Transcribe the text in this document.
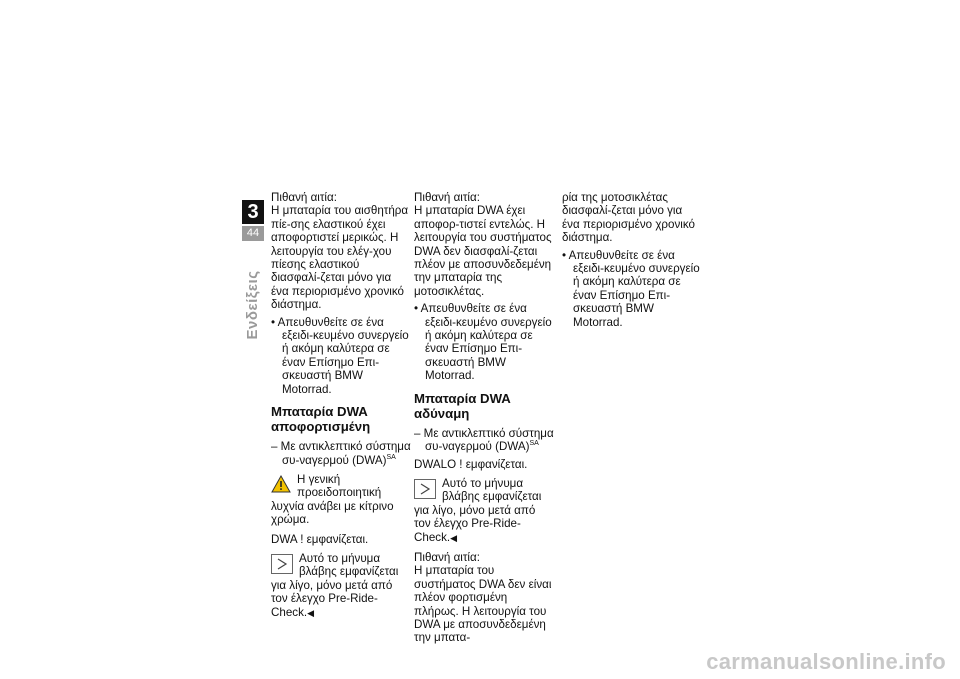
3
44
Ενδείξεις

Πιθανή αιτία:

Η μπαταρία του αισθητήρα πίε-σης ελαστικού έχει αποφορτιστεί μερικώς. Η λειτουργία του ελέγ-χου πίεσης ελαστικού διασφαλί-ζεται μόνο για ένα περιορισμένο χρονικό διάστημα.

• Απευθυνθείτε σε ένα εξειδι-κευμένο συνεργείο ή ακόμη καλύτερα σε έναν Επίσημο Επι-σκευαστή BMW Motorrad.

Μπαταρία DWA αποφορτισμένη

– Με αντικλεπτικό σύστημα συ-ναγερμού (DWA)$^{SA}$

Η γενική προειδοποιητική λυχνία ανάβει με κίτρινο χρώμα.

DWA ! εμφανίζεται.

Αυτό το μήνυμα βλάβης εμφανίζεται για λίγο, μόνο μετά από τον έλεγχο Pre-Ride-Check.◀

Πιθανή αιτία:

Η μπαταρία DWA έχει αποφορ-τιστεί εντελώς. Η λειτουργία του συστήματος DWA δεν διασφαλί-ζεται πλέον με αποσυνδεδεμένη την μπαταρία της μοτοσικλέτας.

• Απευθυνθείτε σε ένα εξειδι-κευμένο συνεργείο ή ακόμη καλύτερα σε έναν Επίσημο Επι-σκευαστή BMW Motorrad.

Μπαταρία DWA αδύναμη

– Με αντικλεπτικό σύστημα συ-ναγερμού (DWA)$^{SA}$

DWALO ! εμφανίζεται.

Αυτό το μήνυμα βλάβης εμφανίζεται για λίγο, μόνο μετά από τον έλεγχο Pre-Ride-Check.◀

Πιθανή αιτία:

Η μπαταρία του συστήματος DWA δεν είναι πλέον φορτισμένη πλήρως. Η λειτουργία του DWA με αποσυνδεδεμένη την μπατα-

ρία της μοτοσικλέτας διασφαλί-ζεται μόνο για ένα περιορισμένο χρονικό διάστημα.

• Απευθυνθείτε σε ένα εξειδι-κευμένο συνεργείο ή ακόμη καλύτερα σε έναν Επίσημο Επι-σκευαστή BMW Motorrad.

carmanualsonline.info
